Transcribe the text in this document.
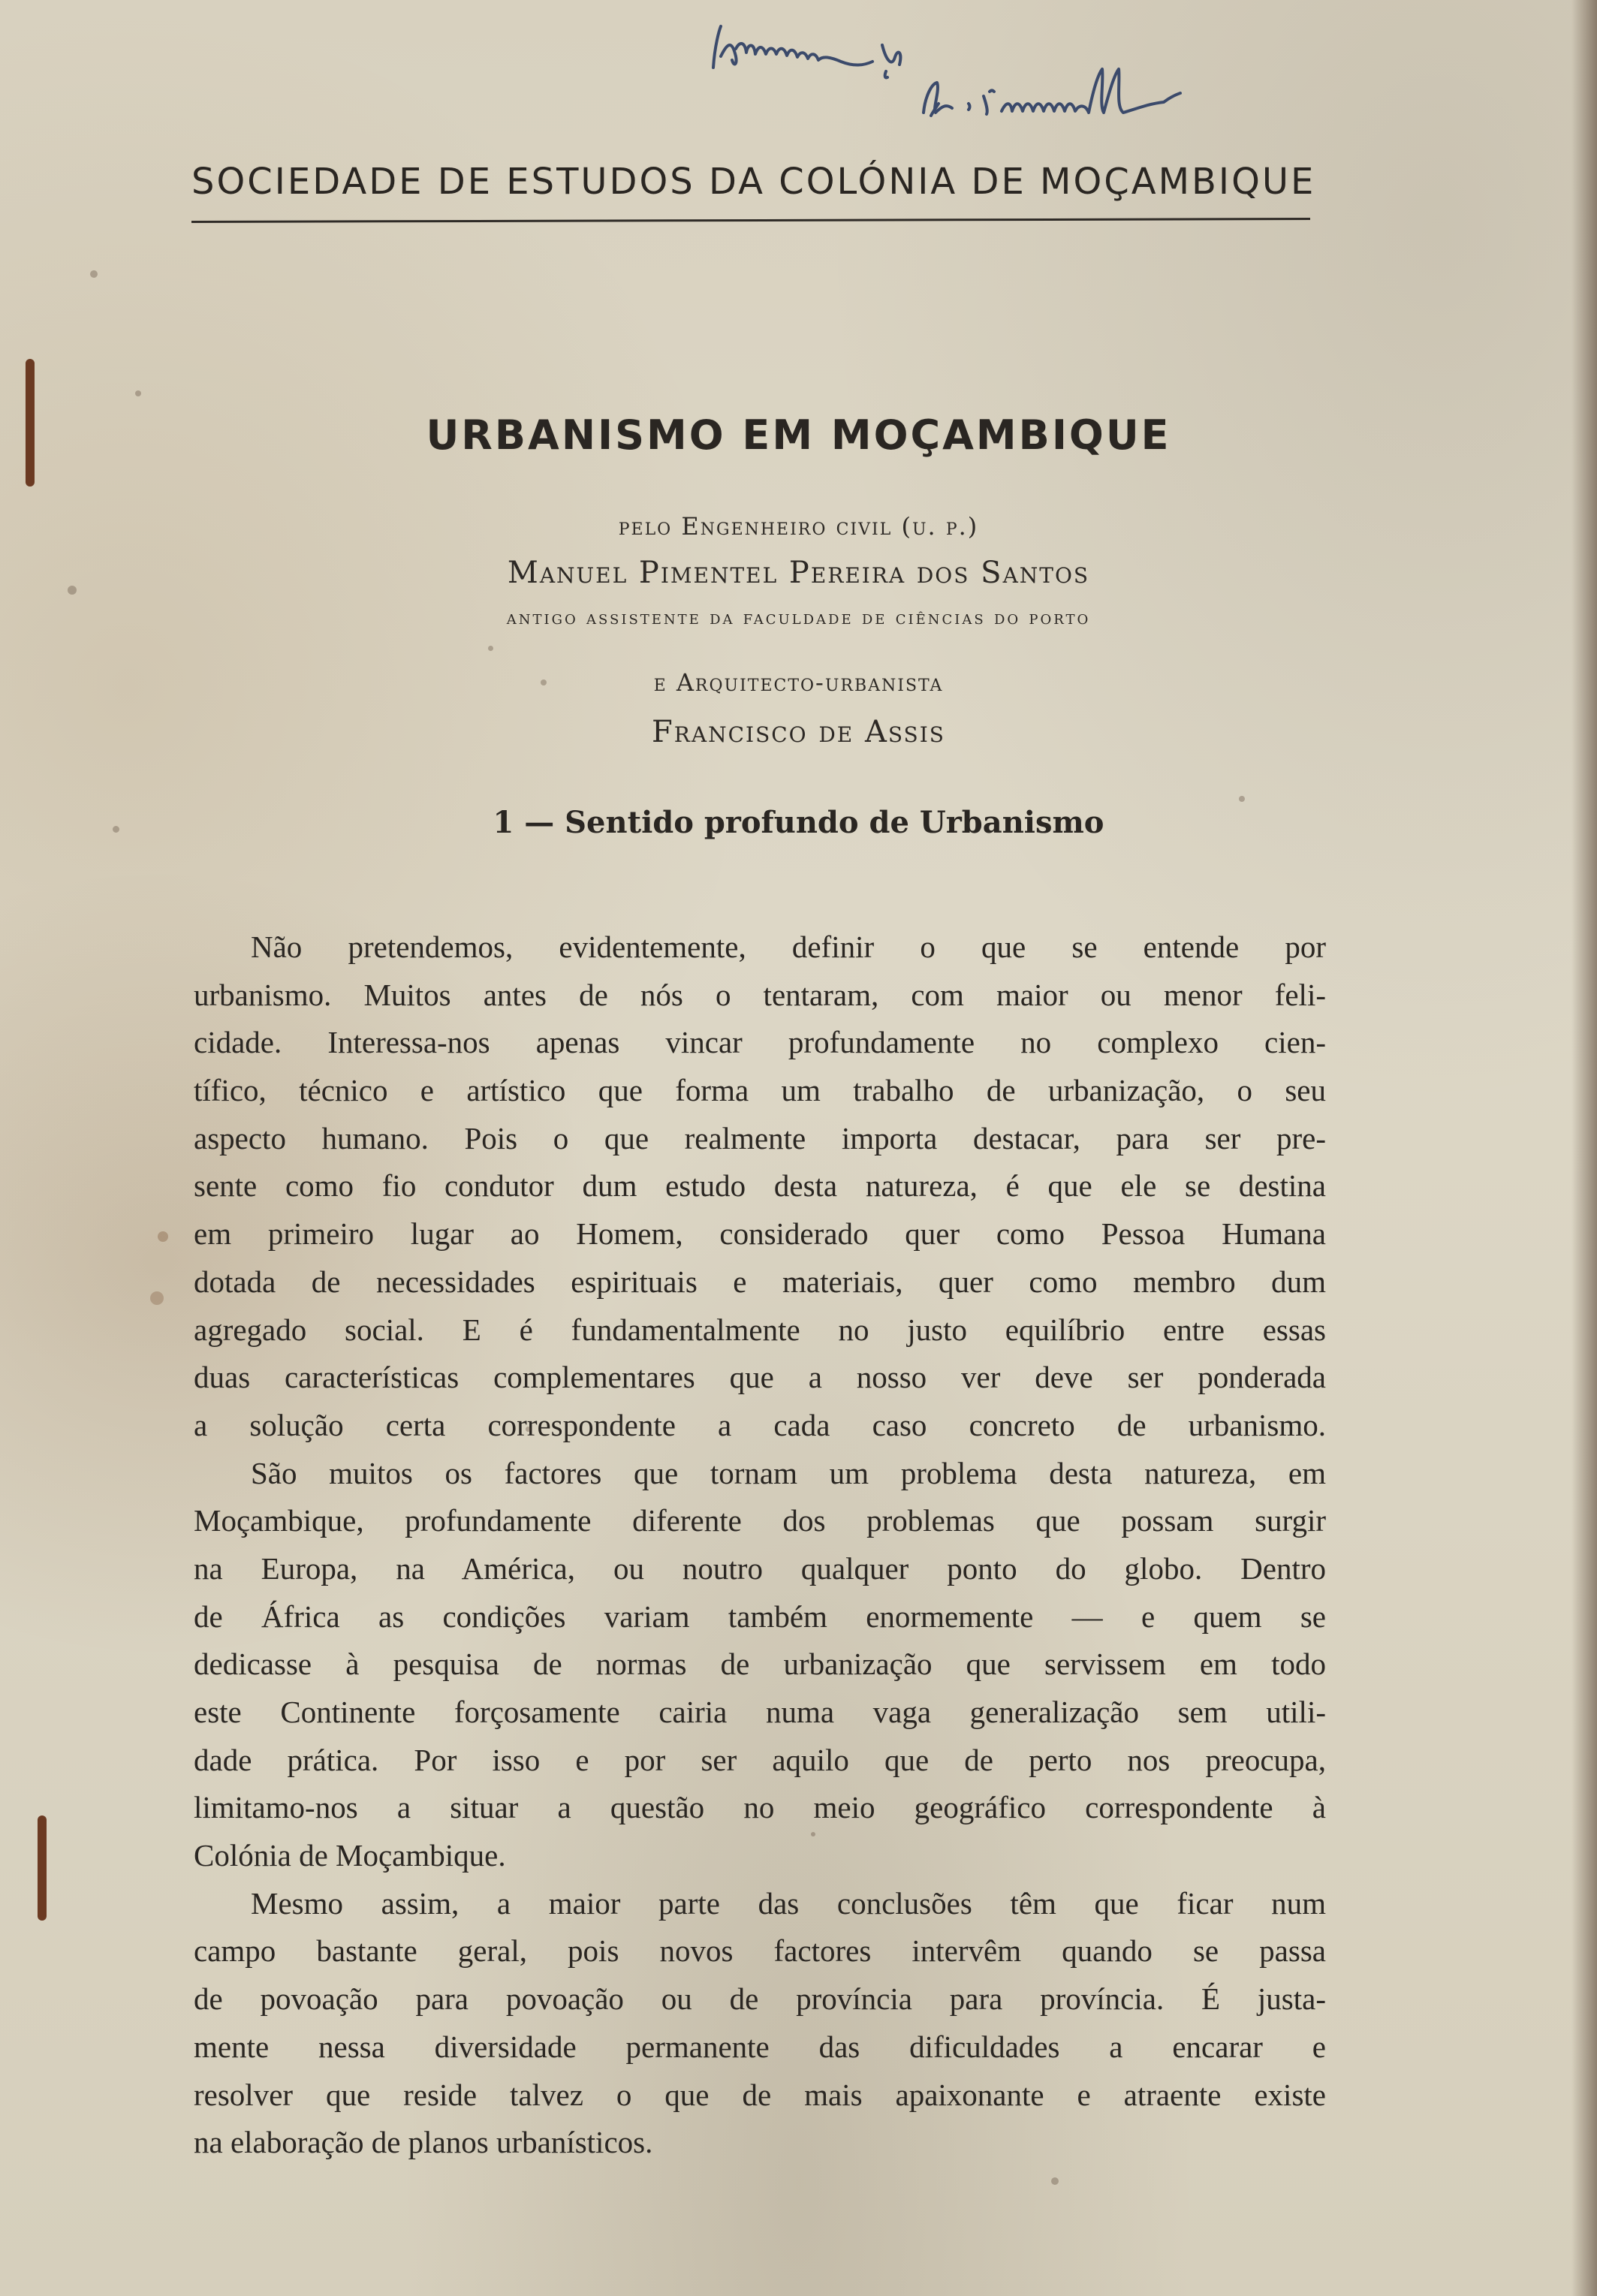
SOCIEDADE DE ESTUDOS DA COLÓNIA DE MOÇAMBIQUE
URBANISMO EM MOÇAMBIQUE
pelo Engenheiro civil (u. p.)
Manuel Pimentel Pereira dos Santos
antigo assistente da faculdade de ciências do porto
e Arquitecto-urbanista
Francisco de Assis
1 — Sentido profundo de Urbanismo
Não pretendemos, evidentemente, definir o que se entende por
urbanismo. Muitos antes de nós o tentaram, com maior ou menor feli-
cidade. Interessa-nos apenas vincar profundamente no complexo cien-
tífico, técnico e artístico que forma um trabalho de urbanização, o seu
aspecto humano. Pois o que realmente importa destacar, para ser pre-
sente como fio condutor dum estudo desta natureza, é que ele se destina
em primeiro lugar ao Homem, considerado quer como Pessoa Humana
dotada de necessidades espirituais e materiais, quer como membro dum
agregado social. E é fundamentalmente no justo equilíbrio entre essas
duas características complementares que a nosso ver deve ser ponderada
a solução certa correspondente a cada caso concreto de urbanismo.
São muitos os factores que tornam um problema desta natureza, em
Moçambique, profundamente diferente dos problemas que possam surgir
na Europa, na América, ou noutro qualquer ponto do globo. Dentro
de África as condições variam também enormemente — e quem se
dedicasse à pesquisa de normas de urbanização que servissem em todo
este Continente forçosamente cairia numa vaga generalização sem utili-
dade prática. Por isso e por ser aquilo que de perto nos preocupa,
limitamo-nos a situar a questão no meio geográfico correspondente à
Colónia de Moçambique.
Mesmo assim, a maior parte das conclusões têm que ficar num
campo bastante geral, pois novos factores intervêm quando se passa
de povoação para povoação ou de província para província. É justa-
mente nessa diversidade permanente das dificuldades a encarar e
resolver que reside talvez o que de mais apaixonante e atraente existe
na elaboração de planos urbanísticos.
